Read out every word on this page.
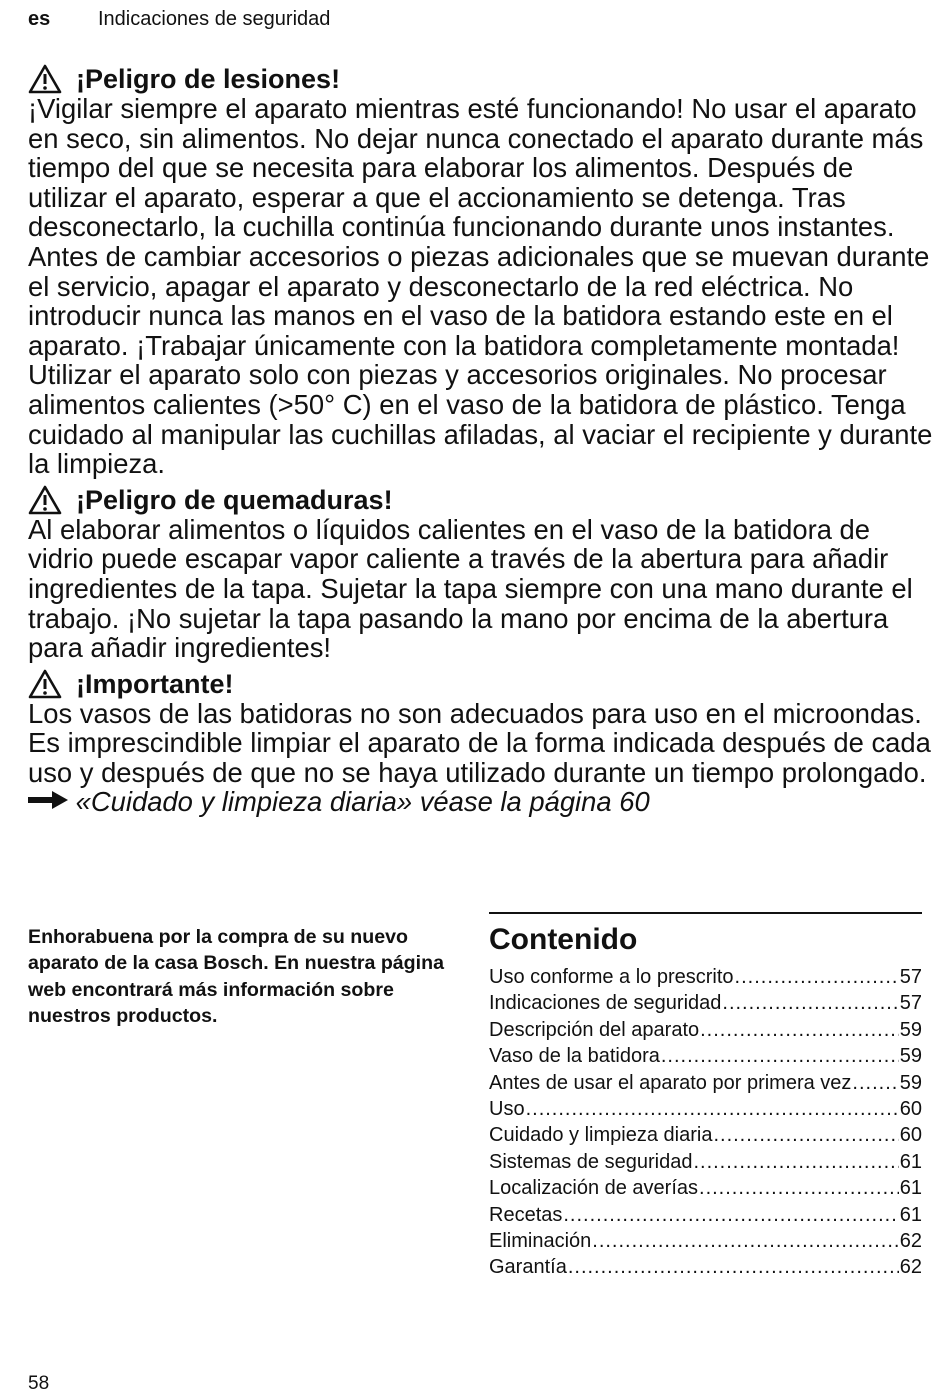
es Indicaciones de seguridad
¡Peligro de lesiones!

¡Vigilar siempre el aparato mientras esté funcionando! No usar el aparato en seco, sin alimentos. No dejar nunca conectado el aparato durante más tiempo del que se necesita para elaborar los alimentos. Después de utilizar el aparato, esperar a que el accionamiento se detenga. Tras desconectarlo, la cuchilla continúa funcionando durante unos instantes. Antes de cambiar accesorios o piezas adicionales que se muevan durante el servicio, apagar el aparato y desconectarlo de la red eléctrica. No introducir nunca las manos en el vaso de la batidora estando este en el aparato. ¡Trabajar únicamente con la batidora completamente montada! Utilizar el aparato solo con piezas y accesorios originales. No procesar alimentos calientes (>50° C) en el vaso de la batidora de plástico. Tenga cuidado al manipular las cuchillas afiladas, al vaciar el recipiente y durante la limpieza.

¡Peligro de quemaduras!

Al elaborar alimentos o líquidos calientes en el vaso de la batidora de vidrio puede escapar vapor caliente a través de la abertura para añadir ingredientes de la tapa. Sujetar la tapa siempre con una mano durante el trabajo. ¡No sujetar la tapa pasando la mano por encima de la abertura para añadir ingredientes!

¡Importante!

Los vasos de las batidoras no son adecuados para uso en el microondas. Es imprescindible limpiar el aparato de la forma indicada después de cada uso y después de que no se haya utilizado durante un tiempo prolongado.  «Cuidado y limpieza diaria» véase la página 60

Enhorabuena por la compra de su nuevo aparato de la casa Bosch. En nuestra página web encontrará más información sobre nuestros productos.
Contenido
Uso conforme a lo prescrito .....	57
Indicaciones de seguridad .....	57
Descripción del aparato .....	59
Vaso de la batidora .....	59
Antes de usar el aparato por primera vez ..... 59
Uso .....	60
Cuidado y limpieza diaria .....	60
Sistemas de seguridad .....	61
Localización de averías .....	61
Recetas .....	61
Eliminación .....	62
Garantía .....	62
58
